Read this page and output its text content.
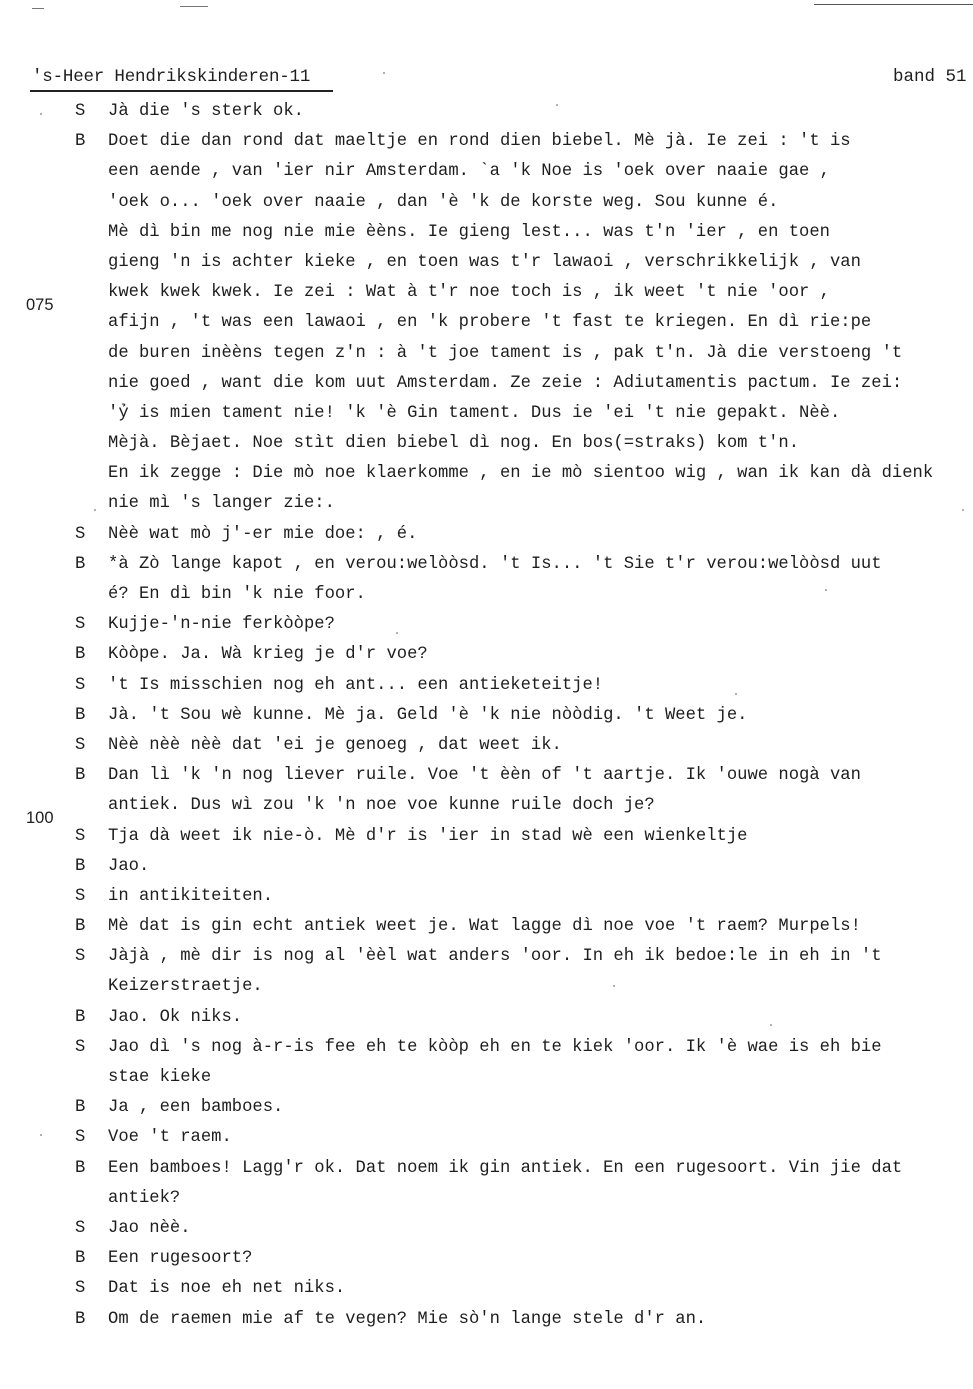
's-Heer Hendrikskinderen-11	band 51
S Jà die 's sterk ok.
B Doet die dan rond dat maeltje en rond dien biebel. Mè jà. Ie zei : 't is
een aende , van 'ier nir Amsterdam. `a 'k Noe is 'oek over naaie gae ,
'oek o... 'oek over naaie , dan 'è 'k de korste weg. Sou kunne é.
Mè dì bin me nog nie mie èèns. Ie gieng lest... was t'n 'ier , en toen
gieng 'n is achter kieke , en toen was t'r lawaoi , verschrikkelijk , van
075
kwek kwek kwek. Ie zei : Wat à t'r noe toch is , ik weet 't nie 'oor ,
afijn , 't was een lawaoi , en 'k probere 't fast te kriegen. En dì rie:pe
de buren inèèns tegen z'n : à 't joe tament is , pak t'n. Jà die verstoeng 't
nie goed , want die kom uut Amsterdam. Ze zeie : Adiutamentis pactum. Ie zei:
'ỷ is mien tament nie! 'k 'è Gin tament. Dus ie 'ei 't nie gepakt. Nèè.
Mèjà. Bèjaet. Noe stìt dien biebel dì nog. En bos(=straks) kom t'n.
En ik zegge : Die mò noe klaerkomme , en ie mò sientoo wig , wan ik kan dà dienk
nie mì 's langer zie:.
S Nèè wat mò j'-er mie doe: , é.
B *à Zò lange kapot , en verou:welòòsd. 't Is... 't Sie t'r verou:welòòsd uut
é? En dì bin 'k nie foor.
S Kujje-'n-nie ferkòòpe?
B Kòòpe. Ja. Wà krieg je d'r voe?
S 't Is misschien nog eh ant... een antieketeitje!
B Jà. 't Sou wè kunne. Mè ja. Geld 'è 'k nie nòòdig. 't Weet je.
S Nèè nèè nèè dat 'ei je genoeg , dat weet ik.
B Dan lì 'k 'n nog liever ruile. Voe 't èèn of 't aartje. Ik 'ouwe nogà van
100
antiek. Dus wì zou 'k 'n noe voe kunne ruile doch je?
S Tja dà weet ik nie-ò. Mè d'r is 'ier in stad wè een wienkeltje
B Jao.
S in antikiteiten.
B Mè dat is gin echt antiek weet je. Wat lagge dì noe voe 't raem? Murpels!
S Jàjà , mè dir is nog al 'èèl wat anders 'oor. In eh ik bedoe:le in eh in 't
Keizerstraetje.
B Jao. Ok niks.
S Jao dì 's nog à-r-is fee eh te kòòp eh en te kiek 'oor. Ik 'è wae is eh bie
stae kieke
B Ja , een bamboes.
S Voe 't raem.
B Een bamboes! Lagg'r ok. Dat noem ik gin antiek. En een rugesoort. Vin jie dat
antiek?
S Jao nèè.
B Een rugesoort?
S Dat is noe eh net niks.
B Om de raemen mie af te vegen? Mie sò'n lange stele d'r an.
